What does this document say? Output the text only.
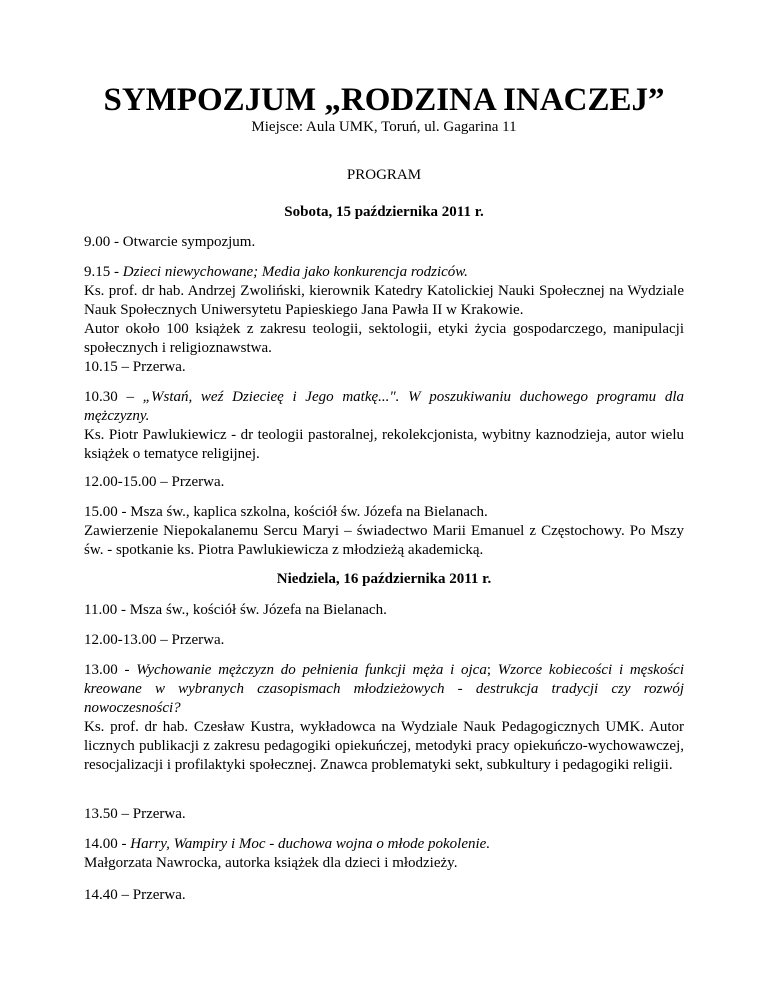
SYMPOZJUM „RODZINA INACZEJ”
Miejsce: Aula UMK, Toruń, ul. Gagarina 11
PROGRAM
Sobota, 15 października 2011 r.

9.00 - Otwarcie sympozjum.

9.15 - Dzieci niewychowane; Media jako konkurencja rodziców.

Ks. prof. dr hab. Andrzej Zwoliński, kierownik Katedry Katolickiej Nauki Społecznej na Wydziale Nauk Społecznych Uniwersytetu Papieskiego Jana Pawła II w Krakowie.

Autor około 100 książek z zakresu teologii, sektologii, etyki życia gospodarczego, manipulacji społecznych i religioznawstwa.

10.15 – Przerwa.

10.30 – „Wstań, weź Dziecieę i Jego matkę...". W poszukiwaniu duchowego programu dla mężczyzny.

Ks. Piotr Pawlukiewicz - dr teologii pastoralnej, rekolekcjonista, wybitny kaznodzieja, autor wielu książek o tematyce religijnej.

12.00-15.00 – Przerwa.

15.00 - Msza św., kaplica szkolna, kościół św. Józefa na Bielanach.

Zawierzenie Niepokalanemu Sercu Maryi – świadectwo Marii Emanuel z Częstochowy. Po Mszy św. - spotkanie ks. Piotra Pawlukiewicza z młodzieżą akademicką.

Niedziela, 16 października 2011 r.

11.00 - Msza św., kościół św. Józefa na Bielanach.

12.00-13.00 – Przerwa.

13.00 - Wychowanie mężczyzn do pełnienia funkcji męża i ojca; Wzorce kobiecości i męskości kreowane w wybranych czasopismach młodzieżowych - destrukcja tradycji czy rozwój nowoczesności?

Ks. prof. dr hab. Czesław Kustra, wykładowca na Wydziale Nauk Pedagogicznych UMK. Autor licznych publikacji z zakresu pedagogiki opiekuńczej, metodyki pracy opiekuńczo-wychowawczej, resocjalizacji i profilaktyki społecznej. Znawca problematyki sekt, subkultury i pedagogiki religii.

13.50 – Przerwa.

14.00 - Harry, Wampiry i Moc - duchowa wojna o młode pokolenie.

Małgorzata Nawrocka, autorka książek dla dzieci i młodzieży.

14.40 – Przerwa.
